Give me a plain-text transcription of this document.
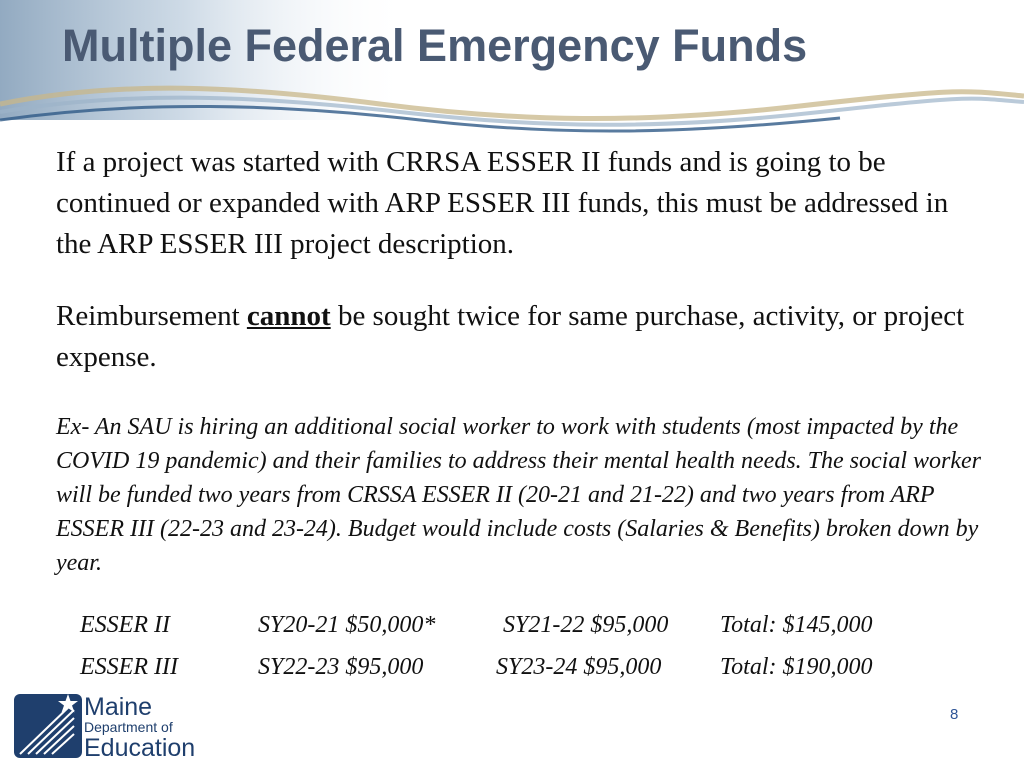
Multiple Federal Emergency Funds

If a project was started with CRRSA ESSER II funds and is going to be continued or expanded with ARP ESSER III funds, this must be addressed in the ARP ESSER III project description.

Reimbursement cannot be sought twice for same purchase, activity, or project expense.

Ex- An SAU is hiring an additional social worker to work with students (most impacted by the COVID 19 pandemic) and their families to address their mental health needs. The social worker will be funded two years from CRSSA ESSER II (20-21 and 21-22) and two years from ARP ESSER III (22-23 and 23-24). Budget would include costs (Salaries & Benefits) broken down by year.

ESSER II	SY20-21 $50,000*	SY21-22 $95,000 Total: $145,000
ESSER III	SY22-23 $95,000	SY23-24 $95,000 Total: $190,000
Maine
Department of
Education
8
